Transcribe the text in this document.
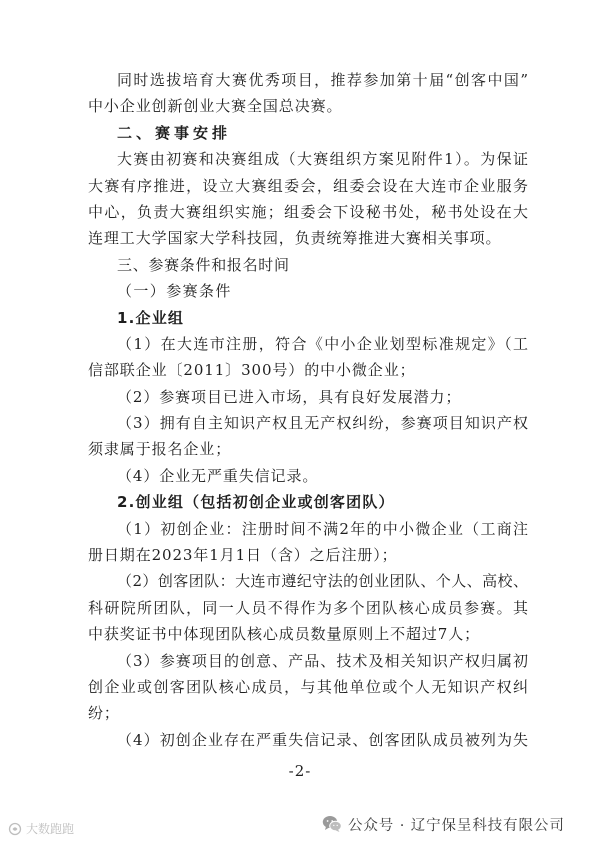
同时选拔培育大赛优秀项目，推荐参加第十届“创客中国”
中小企业创新创业大赛全国总决赛。
二、赛事安排
大赛由初赛和决赛组成（大赛组织方案见附件1）。为保证
大赛有序推进，设立大赛组委会，组委会设在大连市企业服务
中心，负责大赛组织实施；组委会下设秘书处，秘书处设在大
连理工大学国家大学科技园，负责统筹推进大赛相关事项。
三、参赛条件和报名时间
（一）参赛条件
1.企业组
（1）在大连市注册，符合《中小企业划型标准规定》（工
信部联企业〔2011〕300号）的中小微企业；
（2）参赛项目已进入市场，具有良好发展潜力；
（3）拥有自主知识产权且无产权纠纷，参赛项目知识产权
须隶属于报名企业；
（4）企业无严重失信记录。
2.创业组（包括初创企业或创客团队）
（1）初创企业：注册时间不满2年的中小微企业（工商注
册日期在2023年1月1日（含）之后注册）；
（2）创客团队：大连市遵纪守法的创业团队、个人、高校、
科研院所团队，同一人员不得作为多个团队核心成员参赛。其
中获奖证书中体现团队核心成员数量原则上不超过7人；
（3）参赛项目的创意、产品、技术及相关知识产权归属初
创企业或创客团队核心成员，与其他单位或个人无知识产权纠
纷；
（4）初创企业存在严重失信记录、创客团队成员被列为失
-2-
公众号 · 辽宁保呈科技有限公司
大数跑跑
